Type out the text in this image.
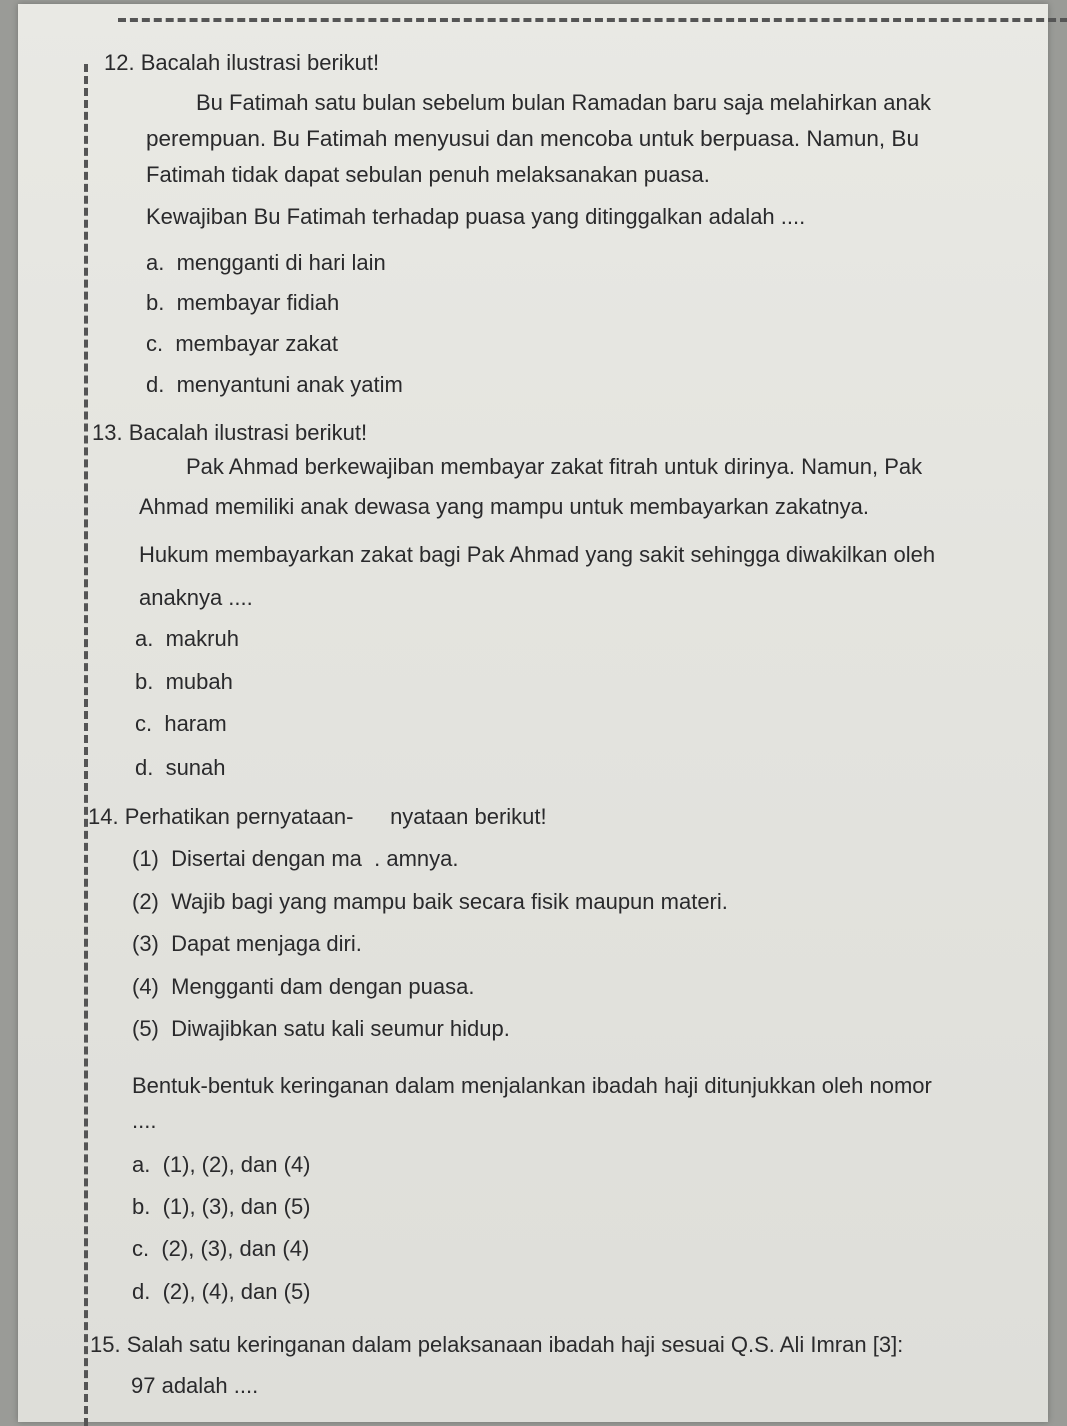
12. Bacalah ilustrasi berikut!

Bu Fatimah satu bulan sebelum bulan Ramadan baru saja melahirkan anak

perempuan. Bu Fatimah menyusui dan mencoba untuk berpuasa. Namun, Bu

Fatimah tidak dapat sebulan penuh melaksanakan puasa.

Kewajiban Bu Fatimah terhadap puasa yang ditinggalkan adalah ....

a.  mengganti di hari lain

b.  membayar fidiah

c.  membayar zakat

d.  menyantuni anak yatim

13. Bacalah ilustrasi berikut!

Pak Ahmad berkewajiban membayar zakat fitrah untuk dirinya. Namun, Pak

Ahmad memiliki anak dewasa yang mampu untuk membayarkan zakatnya.

Hukum membayarkan zakat bagi Pak Ahmad yang sakit sehingga diwakilkan oleh

anaknya ....

a.  makruh

b.  mubah

c.  haram

d.  sunah

14. Perhatikan pernyataan-      nyataan berikut!

(1)  Disertai dengan ma  . amnya.

(2)  Wajib bagi yang mampu baik secara fisik maupun materi.

(3)  Dapat menjaga diri.

(4)  Mengganti dam dengan puasa.

(5)  Diwajibkan satu kali seumur hidup.

Bentuk-bentuk keringanan dalam menjalankan ibadah haji ditunjukkan oleh nomor

....

a.  (1), (2), dan (4)

b.  (1), (3), dan (5)

c.  (2), (3), dan (4)

d.  (2), (4), dan (5)

15. Salah satu keringanan dalam pelaksanaan ibadah haji sesuai Q.S. Ali Imran [3]:

97 adalah ....
